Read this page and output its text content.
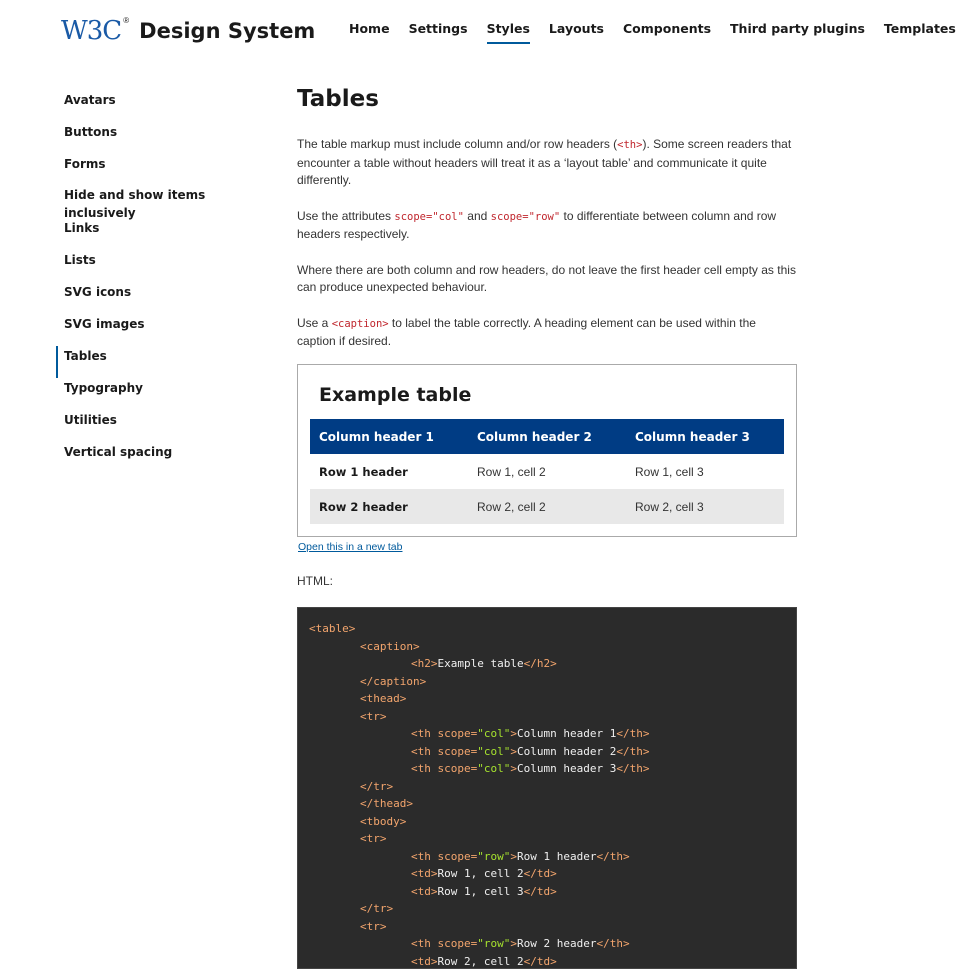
W3C ® Design System	Home Settings Styles Layouts Components Third party plugins Templates
Avatars
Buttons
Forms
Hide and show items inclusively
Links
Lists
SVG icons
SVG images
Tables
Typography
Utilities
Vertical spacing
Tables

The table markup must include column and/or row headers (<th>). Some screen readers that encounter a table without headers will treat it as a ‘layout table’ and communicate it quite differently.

Use the attributes scope="col" and scope="row" to differentiate between column and row headers respectively.

Where there are both column and row headers, do not leave the first header cell empty as this can produce unexpected behaviour.

Use a <caption> to label the table correctly. A heading element can be used within the caption if desired.

Example table
Column header 1	Column header 2	Column header 3
Row 1 header	Row 1, cell 2	Row 1, cell 3
Row 2 header	Row 2, cell 2	Row 2, cell 3
Open this in a new tab
HTML:
<table>
<caption>
<h2>Example table</h2>
</caption>
<thead>
<tr>
<th scope="col">Column header 1</th>
<th scope="col">Column header 2</th>
<th scope="col">Column header 3</th>
</tr>
</thead>
<tbody>
<tr>
<th scope="row">Row 1 header</th>
<td>Row 1, cell 2</td>
<td>Row 1, cell 3</td>
</tr>
<tr>
<th scope="row">Row 2 header</th>
<td>Row 2, cell 2</td>
